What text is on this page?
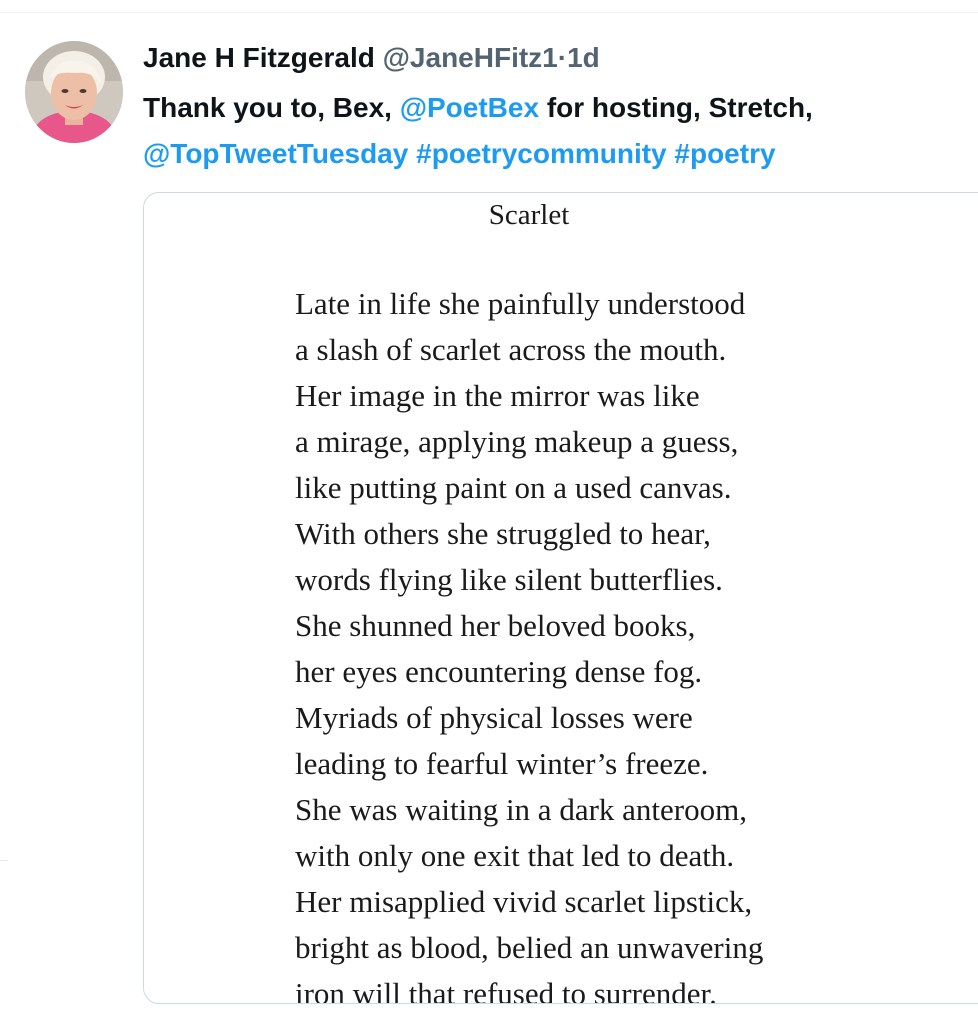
Jane H Fitzgerald @JaneHFitz1·1d
Thank you to, Bex, @PoetBex for hosting, Stretch,
@TopTweetTuesday #poetrycommunity #poetry
Scarlet
Late in life she painfully understood
a slash of scarlet across the mouth.
Her image in the mirror was like
a mirage, applying makeup a guess,
like putting paint on a used canvas.
With others she struggled to hear,
words flying like silent butterflies.
She shunned her beloved books,
her eyes encountering dense fog.
Myriads of physical losses were
leading to fearful winter’s freeze.
She was waiting in a dark anteroom,
with only one exit that led to death.
Her misapplied vivid scarlet lipstick,
bright as blood, belied an unwavering
iron will that refused to surrender.
